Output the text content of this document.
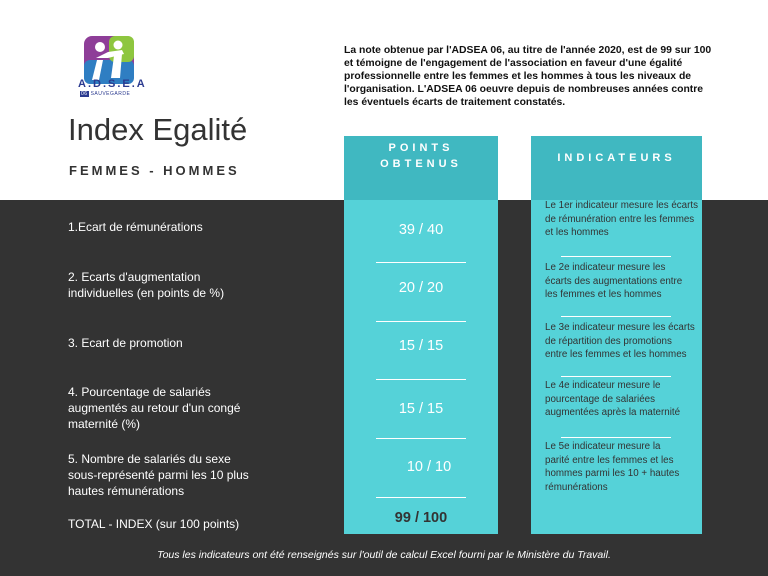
A.D.S.E.A
06 SAUVEGARDE
Index Egalité
FEMMES - HOMMES

La note obtenue par l'ADSEA 06, au titre de l'année 2020, est de 99 sur 100 et témoigne de l'engagement de l'association en faveur d'une égalité professionnelle entre les femmes et les hommes à tous les niveaux de l'organisation. L'ADSEA 06 oeuvre depuis de nombreuses années contre les éventuels écarts de traitement constatés.

POINTS OBTENUS	INDICATEURS
1.Ecart de rémunérations
2. Ecarts d'augmentation individuelles (en points de %)
3. Ecart de promotion
4. Pourcentage de salariés augmentés au retour d'un congé maternité (%)
5. Nombre de salariés du sexe sous-représenté parmi les 10 plus hautes rémunérations
TOTAL - INDEX (sur 100 points)
39 / 40
20 / 20
15 / 15
15 / 15
10 / 10
99 / 100
Le 1er indicateur mesure les écarts de rémunération entre les femmes et les hommes
Le 2e indicateur mesure les écarts des augmentations entre les femmes et les hommes
Le 3e indicateur mesure les écarts de répartition des promotions entre les femmes et les hommes
Le 4e indicateur mesure le pourcentage de salariées augmentées après la maternité
Le 5e indicateur mesure la parité entre les femmes et les hommes parmi les 10 + hautes rémunérations
Tous les indicateurs ont été renseignés sur l'outil de calcul Excel fourni par le Ministère du Travail.
